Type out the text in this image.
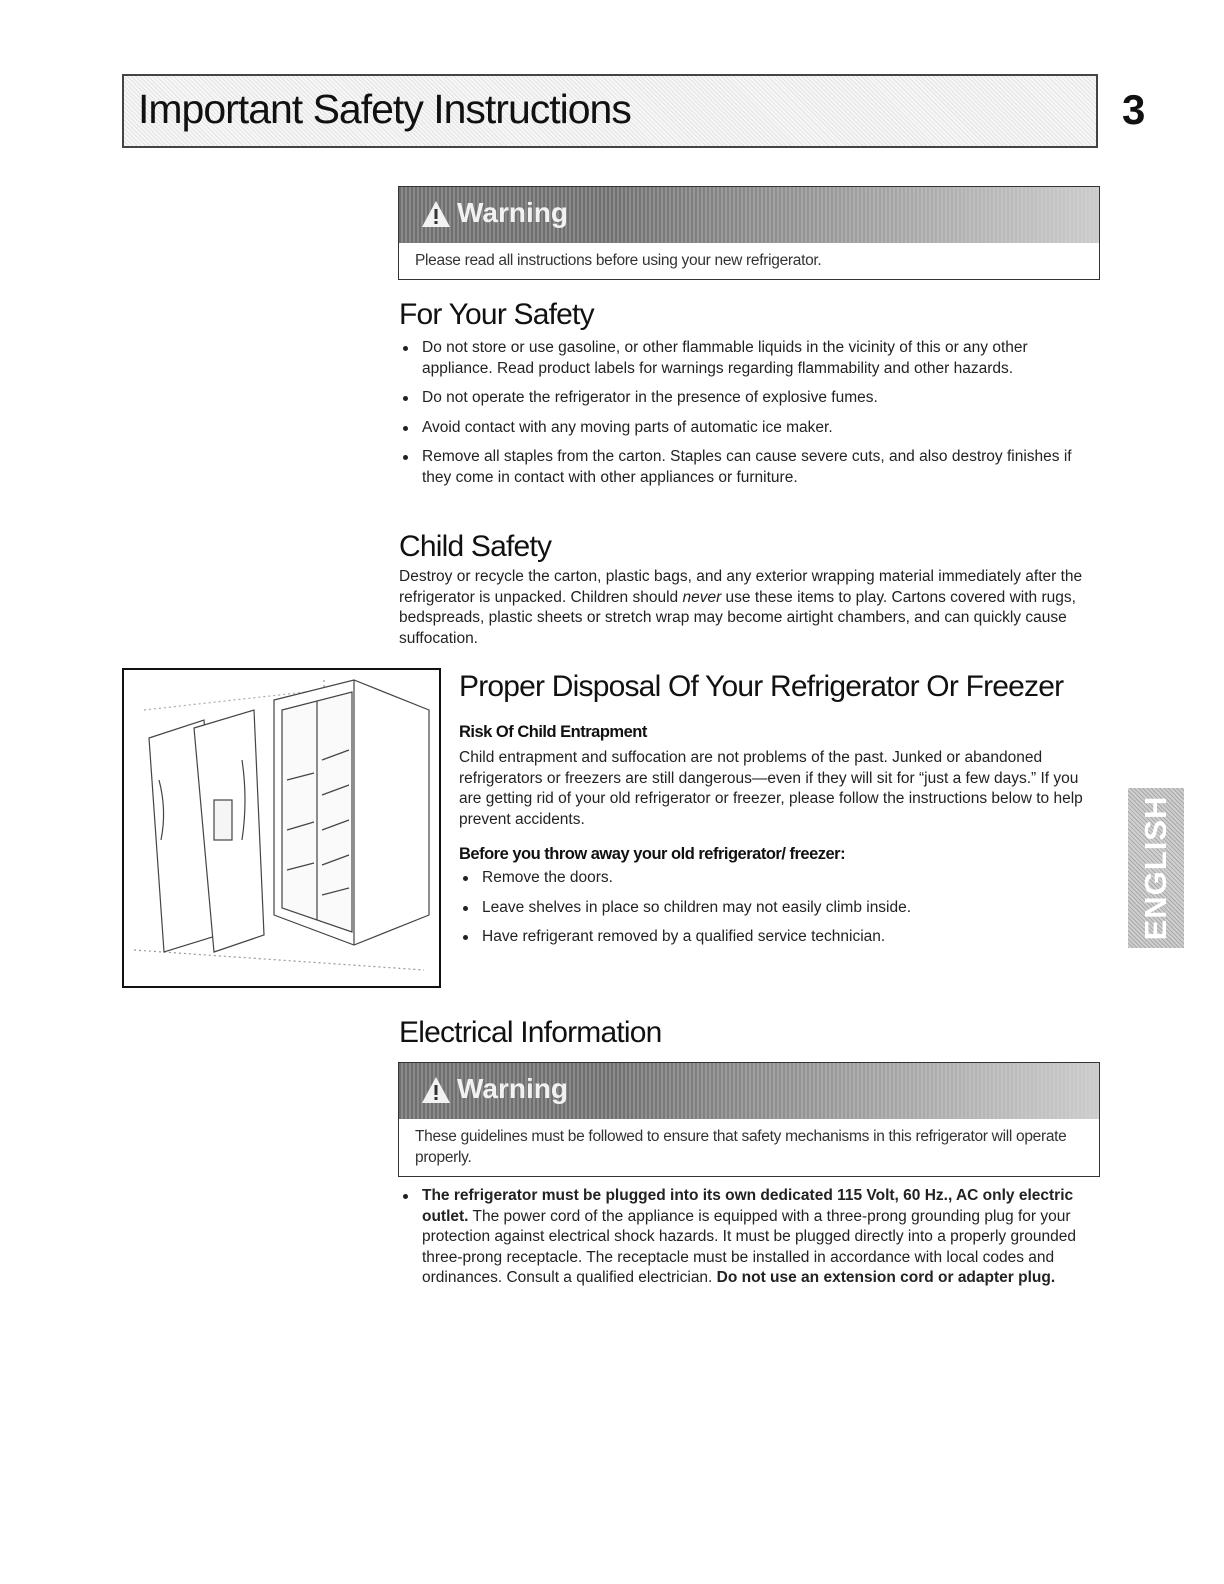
Important Safety Instructions	3
Warning
Please read all instructions before using your new refrigerator.
For Your Safety
Do not store or use gasoline, or other flammable liquids in the vicinity of this or any other appliance. Read product labels for warnings regarding flammability and other hazards.
Do not operate the refrigerator in the presence of explosive fumes.
Avoid contact with any moving parts of automatic ice maker.
Remove all staples from the carton. Staples can cause severe cuts, and also destroy finishes if they come in contact with other appliances or furniture.
Child Safety
Destroy or recycle the carton, plastic bags, and any exterior wrapping material immediately after the refrigerator is unpacked. Children should never use these items to play. Cartons covered with rugs, bedspreads, plastic sheets or stretch wrap may become airtight chambers, and can quickly cause suffocation.
Proper Disposal Of Your Refrigerator Or Freezer
Risk Of Child Entrapment
Child entrapment and suffocation are not problems of the past. Junked or abandoned refrigerators or freezers are still dangerous—even if they will sit for “just a few days.” If you are getting rid of your old refrigerator or freezer, please follow the instructions below to help prevent accidents.
Before you throw away your old refrigerator/ freezer:
Remove the doors.
Leave shelves in place so children may not easily climb inside.
Have refrigerant removed by a qualified service technician.	ENGLISH
Electrical Information
Warning
These guidelines must be followed to ensure that safety mechanisms in this refrigerator will operate properly.
The refrigerator must be plugged into its own dedicated 115 Volt, 60 Hz., AC only electric outlet. The power cord of the appliance is equipped with a three-prong grounding plug for your protection against electrical shock hazards. It must be plugged directly into a properly grounded three-prong receptacle. The receptacle must be installed in accordance with local codes and ordinances. Consult a qualified electrician. Do not use an extension cord or adapter plug.
